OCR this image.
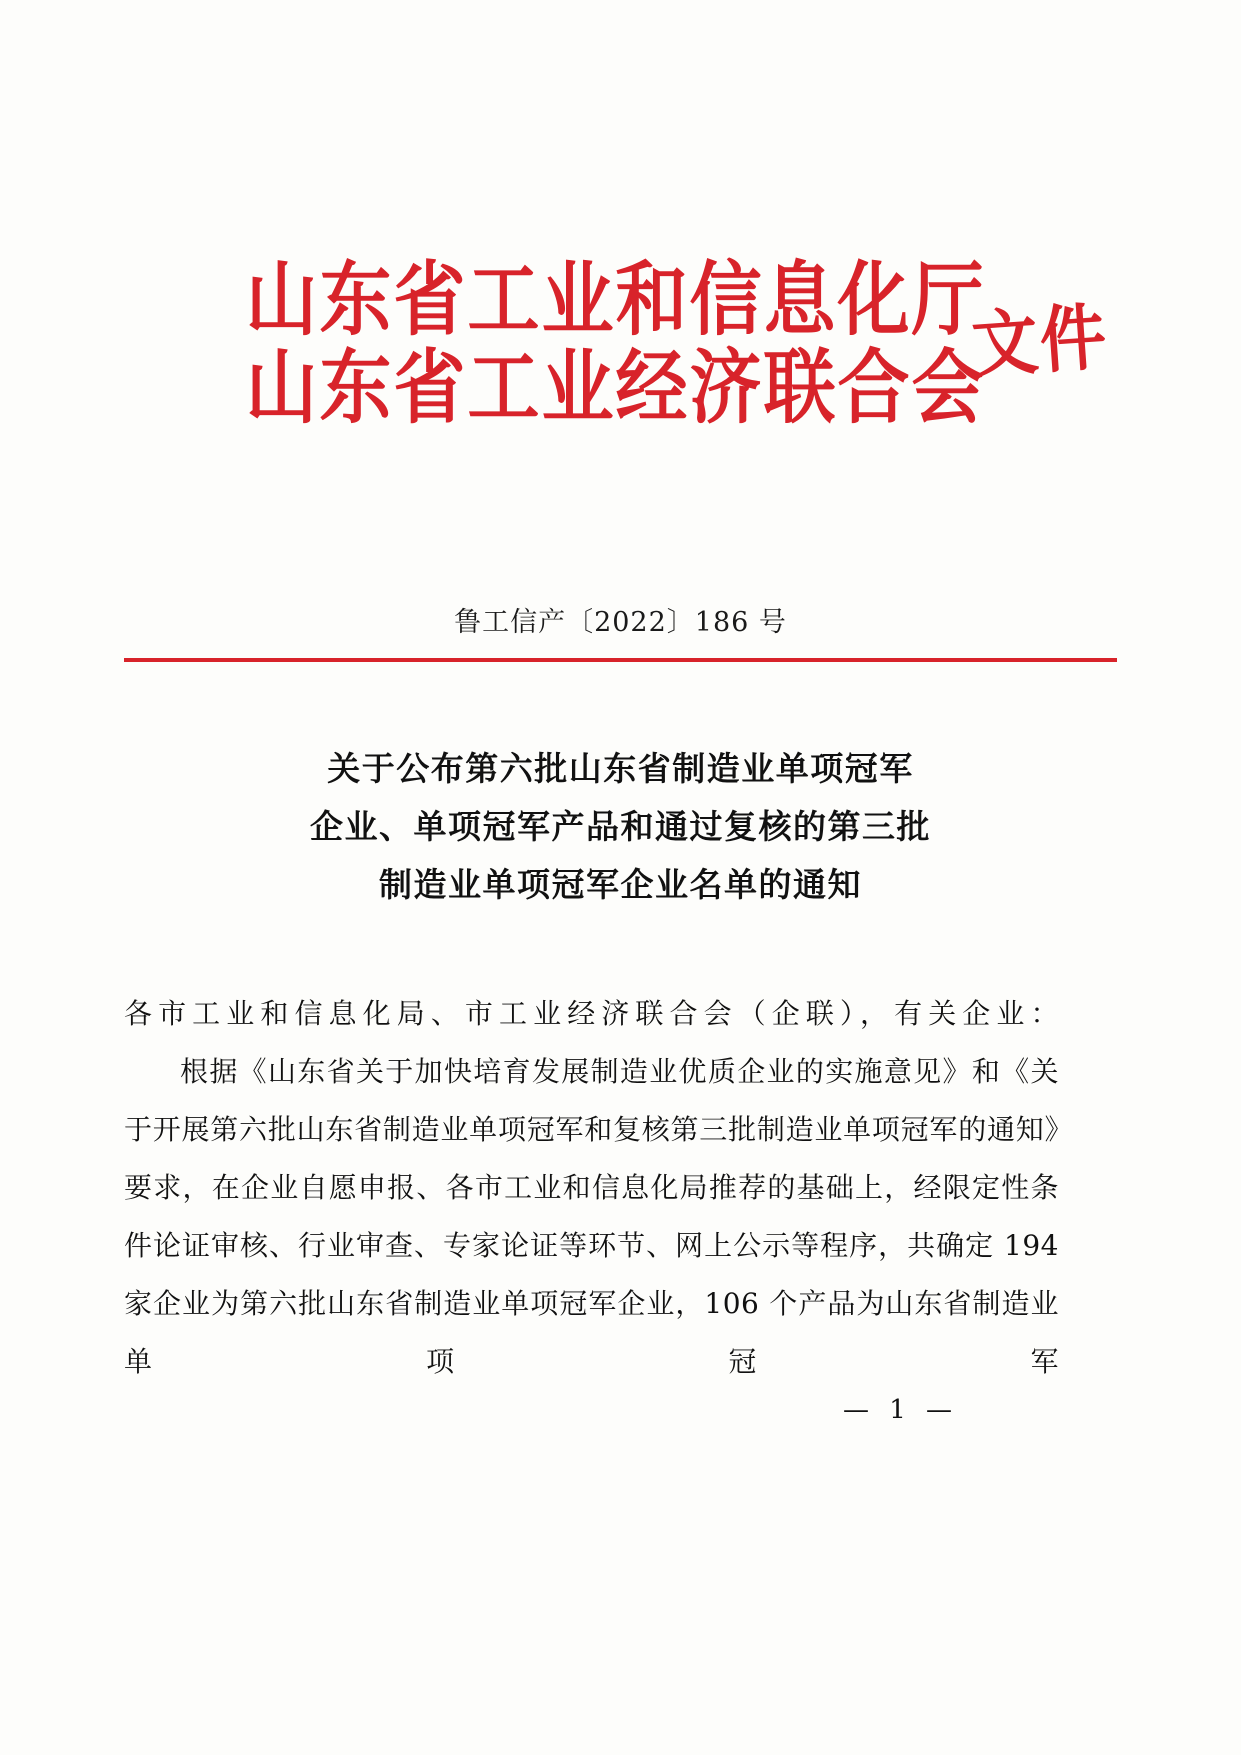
山东省工业和信息化厅
山东省工业经济联合会
文件
鲁工信产〔2022〕186 号
关于公布第六批山东省制造业单项冠军
企业、单项冠军产品和通过复核的第三批
制造业单项冠军企业名单的通知

各市工业和信息化局、市工业经济联合会（企联），有关企业：

根据《山东省关于加快培育发展制造业优质企业的实施意见》和《关于开展第六批山东省制造业单项冠军和复核第三批制造业单项冠军的通知》要求，在企业自愿申报、各市工业和信息化局推荐的基础上，经限定性条件论证审核、行业审查、专家论证等环节、网上公示等程序，共确定 194 家企业为第六批山东省制造业单项冠军企业，106 个产品为山东省制造业单项冠军

— 1 —
